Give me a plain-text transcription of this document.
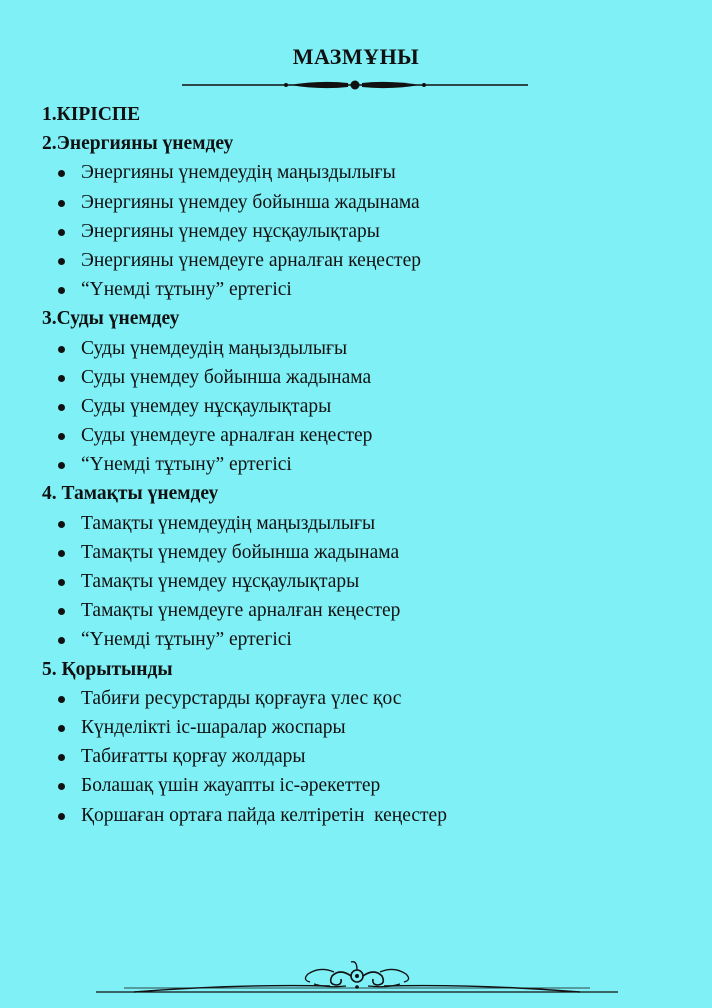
МАЗМҰНЫ
1.КІРІСПЕ
2.Энергияны үнемдеу
Энергияны үнемдеудің маңыздылығы
Энергияны үнемдеу бойынша жадынама
Энергияны үнемдеу нұсқаулықтары
Энергияны үнемдеуге арналған кеңестер
“Үнемді тұтыну” ертегісі
3.Суды үнемдеу
Суды үнемдеудің маңыздылығы
Суды үнемдеу бойынша жадынама
Суды үнемдеу нұсқаулықтары
Суды үнемдеуге арналған кеңестер
“Үнемді тұтыну” ертегісі
4. Тамақты үнемдеу
Тамақты үнемдеудің маңыздылығы
Тамақты үнемдеу бойынша жадынама
Тамақты үнемдеу нұсқаулықтары
Тамақты үнемдеуге арналған кеңестер
“Үнемді тұтыну” ертегісі
5. Қорытынды
Табиғи ресурстарды қорғауға үлес қос
Күнделікті іс-шаралар жоспары
Табиғатты қорғау жолдары
Болашақ үшін жауапты іс-әрекеттер
Қоршаған ортаға пайда келтіретін  кеңестер
